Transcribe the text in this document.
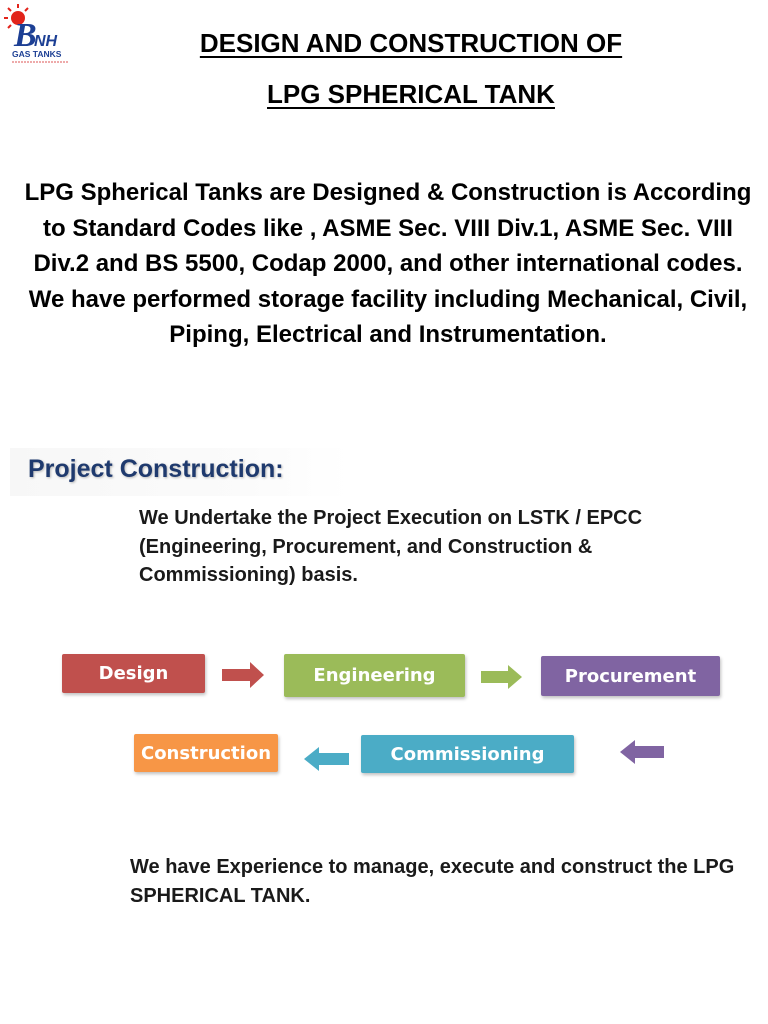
B
NH
GAS TANKS	DESIGN AND CONSTRUCTION OF
LPG SPHERICAL TANK

LPG Spherical Tanks are Designed & Construction is According to Standard Codes like , ASME Sec. VIII Div.1, ASME Sec. VIII Div.2 and BS 5500, Codap 2000, and other international codes. We have performed storage facility including Mechanical, Civil, Piping, Electrical and Instrumentation.

Project Construction:

We Undertake the Project Execution on LSTK / EPCC (Engineering, Procurement, and Construction & Commissioning) basis.

Design	Engineering	Procurement
Commissioning
Construction

We have Experience to manage, execute and construct the LPG SPHERICAL TANK.
